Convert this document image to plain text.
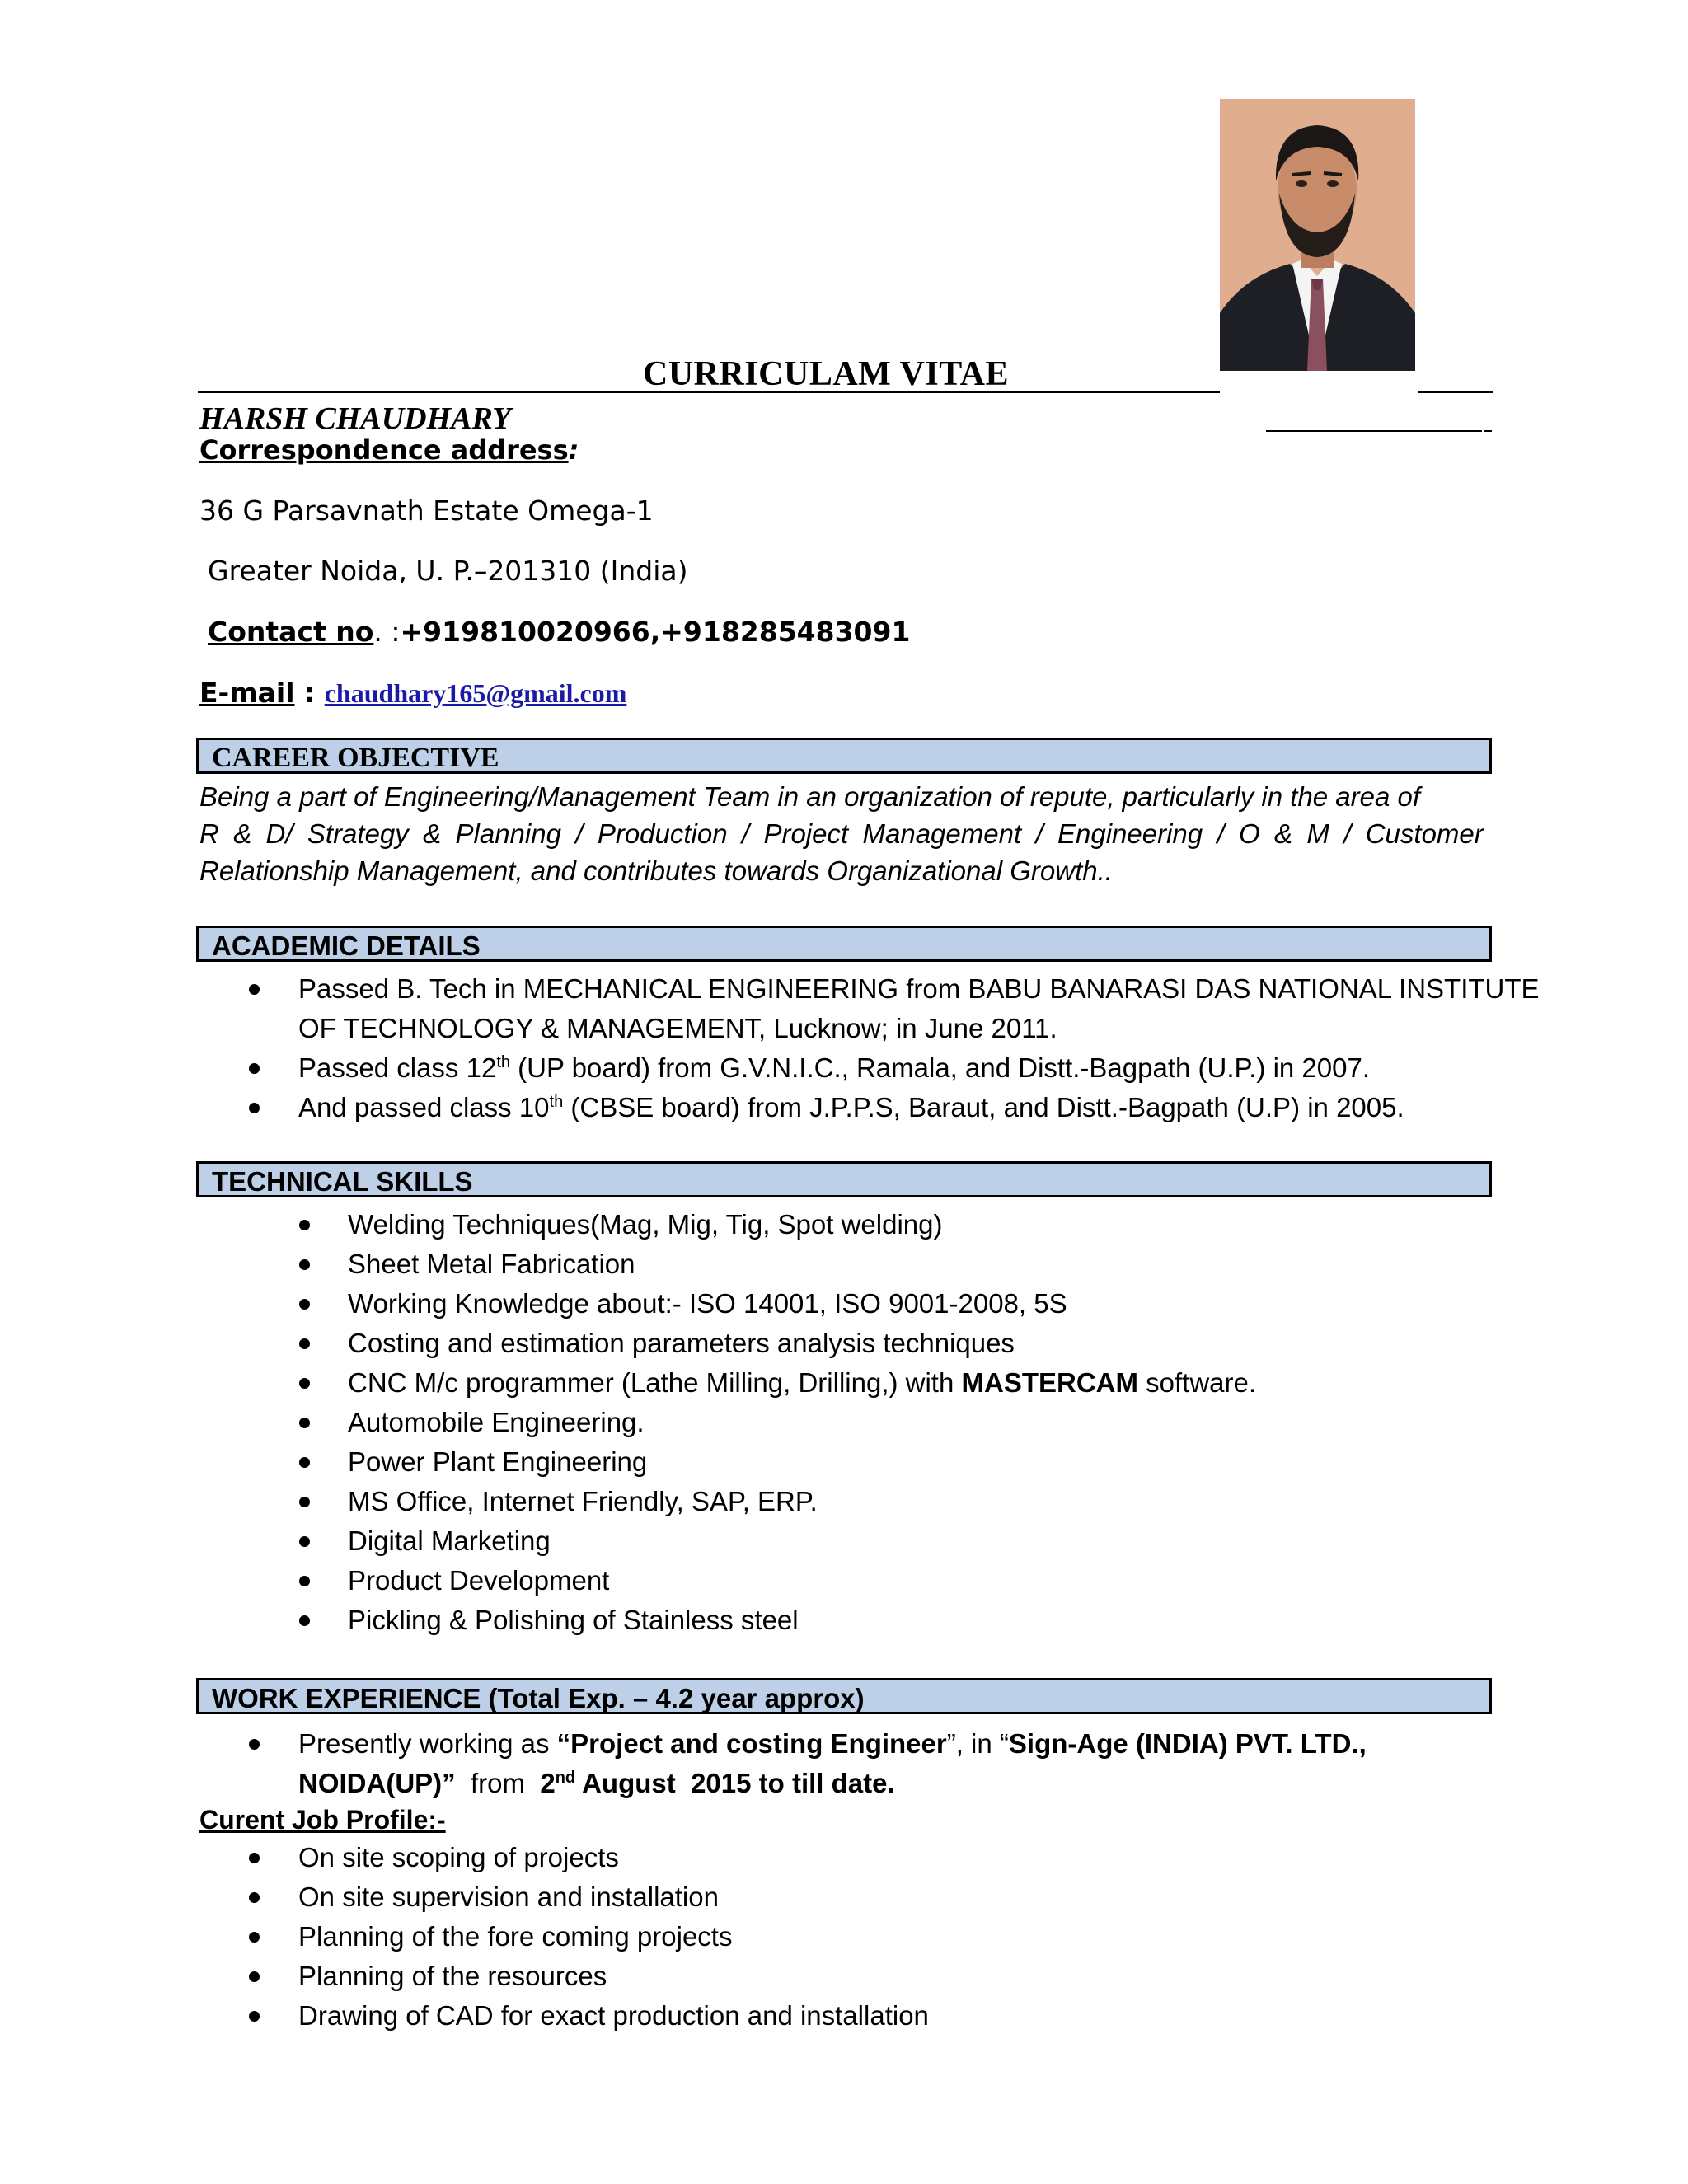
CURRICULAM VITAE
HARSH CHAUDHARY
Correspondence address:
36 G Parsavnath Estate Omega-1
Greater Noida, U. P.–201310 (India)
Contact no. :+919810020966,+918285483091
E-mail : chaudhary165@gmail.com
CAREER OBJECTIVE

Being a part of Engineering/Management Team in an organization of repute, particularly in the area of

R & D/ Strategy & Planning / Production / Project Management / Engineering / O & M / Customer

Relationship Management, and contributes towards Organizational Growth..

ACADEMIC DETAILS
Passed B. Tech in MECHANICAL ENGINEERING from BABU BANARASI DAS NATIONAL INSTITUTE
OF TECHNOLOGY & MANAGEMENT, Lucknow; in June 2011.
Passed class 12th (UP board) from G.V.N.I.C., Ramala, and Distt.-Bagpath (U.P.) in 2007.
And passed class 10th (CBSE board) from J.P.P.S, Baraut, and Distt.-Bagpath (U.P) in 2005.
TECHNICAL SKILLS
Welding Techniques(Mag, Mig, Tig, Spot welding)
Sheet Metal Fabrication
Working Knowledge about:- ISO 14001, ISO 9001-2008, 5S
Costing and estimation parameters analysis techniques
CNC M/c programmer (Lathe Milling, Drilling,) with MASTERCAM software.
Automobile Engineering.
Power Plant Engineering
MS Office, Internet Friendly, SAP, ERP.
Digital Marketing
Product Development
Pickling & Polishing of Stainless steel
WORK EXPERIENCE (Total Exp. – 4.2 year approx)
Presently working as “Project and costing Engineer”, in “Sign-Age (INDIA) PVT. LTD.,
NOIDA(UP)”  from  2nd August  2015 to till date.
Curent Job Profile:-
On site scoping of projects
On site supervision and installation
Planning of the fore coming projects
Planning of the resources
Drawing of CAD for exact production and installation
